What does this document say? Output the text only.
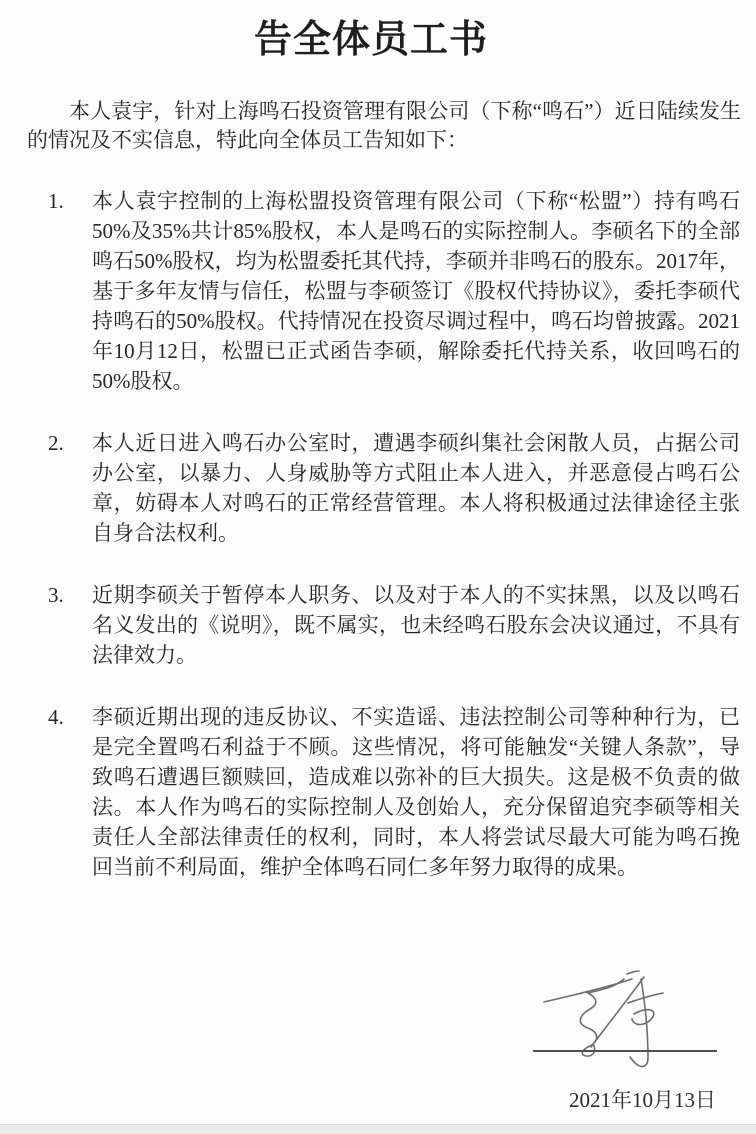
告全体员工书

本人袁宇，针对上海鸣石投资管理有限公司（下称“鸣石”）近日陆续发生的情况及不实信息，特此向全体员工告知如下：

1.	本人袁宇控制的上海松盟投资管理有限公司（下称“松盟”）持有鸣石50%及35%共计85%股权，本人是鸣石的实际控制人。李硕名下的全部鸣石50%股权，均为松盟委托其代持，李硕并非鸣石的股东。2017年，基于多年友情与信任，松盟与李硕签订《股权代持协议》，委托李硕代持鸣石的50%股权。代持情况在投资尽调过程中，鸣石均曾披露。2021年10月12日，松盟已正式函告李硕，解除委托代持关系，收回鸣石的50%股权。

2.	本人近日进入鸣石办公室时，遭遇李硕纠集社会闲散人员，占据公司办公室，以暴力、人身威胁等方式阻止本人进入，并恶意侵占鸣石公章，妨碍本人对鸣石的正常经营管理。本人将积极通过法律途径主张自身合法权利。

3.	近期李硕关于暂停本人职务、以及对于本人的不实抹黑，以及以鸣石名义发出的《说明》，既不属实，也未经鸣石股东会决议通过，不具有法律效力。

4.	李硕近期出现的违反协议、不实造谣、违法控制公司等种种行为，已是完全置鸣石利益于不顾。这些情况，将可能触发“关键人条款”，导致鸣石遭遇巨额赎回，造成难以弥补的巨大损失。这是极不负责的做法。本人作为鸣石的实际控制人及创始人，充分保留追究李硕等相关责任人全部法律责任的权利，同时，本人将尝试尽最大可能为鸣石挽回当前不利局面，维护全体鸣石同仁多年努力取得的成果。

2021年10月13日
